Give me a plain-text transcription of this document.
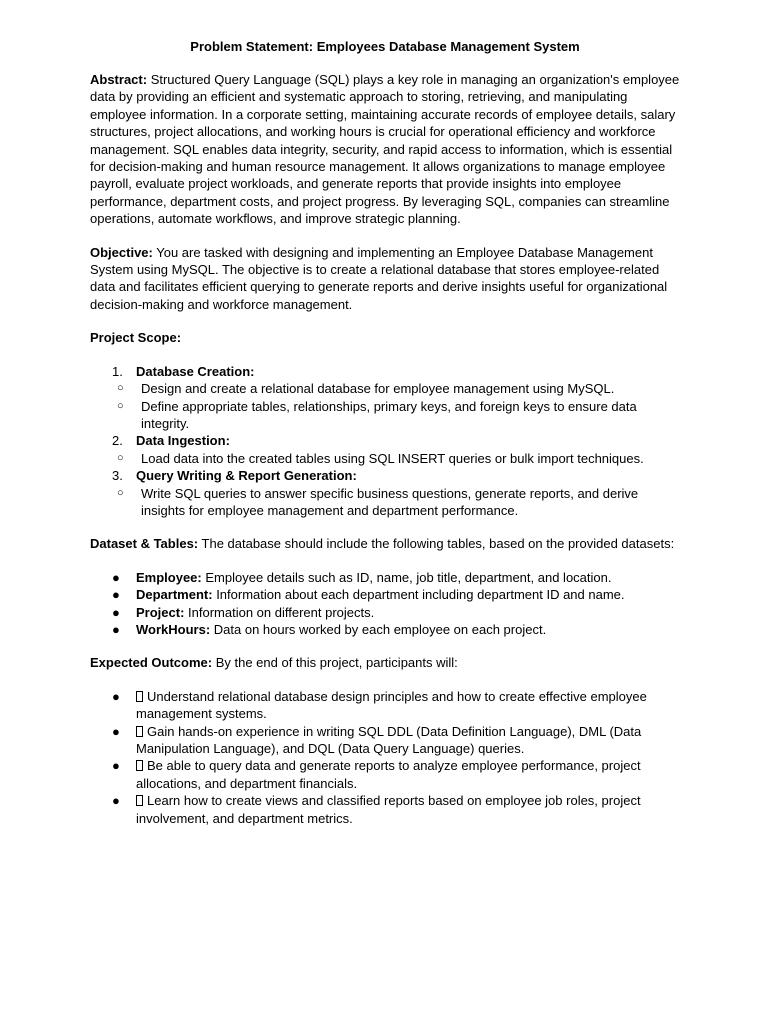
Problem Statement: Employees Database Management System

Abstract: Structured Query Language (SQL) plays a key role in managing an organization's employee data by providing an efficient and systematic approach to storing, retrieving, and manipulating employee information. In a corporate setting, maintaining accurate records of employee details, salary structures, project allocations, and working hours is crucial for operational efficiency and workforce management. SQL enables data integrity, security, and rapid access to information, which is essential for decision-making and human resource management. It allows organizations to manage employee payroll, evaluate project workloads, and generate reports that provide insights into employee performance, department costs, and project progress. By leveraging SQL, companies can streamline operations, automate workflows, and improve strategic planning.

Objective: You are tasked with designing and implementing an Employee Database Management System using MySQL. The objective is to create a relational database that stores employee-related data and facilitates efficient querying to generate reports and derive insights useful for organizational decision-making and workforce management.

Project Scope:

1. Database Creation:
○ Design and create a relational database for employee management using MySQL.
○ Define appropriate tables, relationships, primary keys, and foreign keys to ensure data integrity.
2. Data Ingestion:
○ Load data into the created tables using SQL INSERT queries or bulk import techniques.
3. Query Writing & Report Generation:
○ Write SQL queries to answer specific business questions, generate reports, and derive insights for employee management and department performance.

Dataset & Tables: The database should include the following tables, based on the provided datasets:

● Employee: Employee details such as ID, name, job title, department, and location.
● Department: Information about each department including department ID and name.
● Project: Information on different projects.
● WorkHours: Data on hours worked by each employee on each project.

Expected Outcome: By the end of this project, participants will:

● Understand relational database design principles and how to create effective employee management systems.
● Gain hands-on experience in writing SQL DDL (Data Definition Language), DML (Data Manipulation Language), and DQL (Data Query Language) queries.
● Be able to query data and generate reports to analyze employee performance, project allocations, and department financials.
● Learn how to create views and classified reports based on employee job roles, project involvement, and department metrics.
